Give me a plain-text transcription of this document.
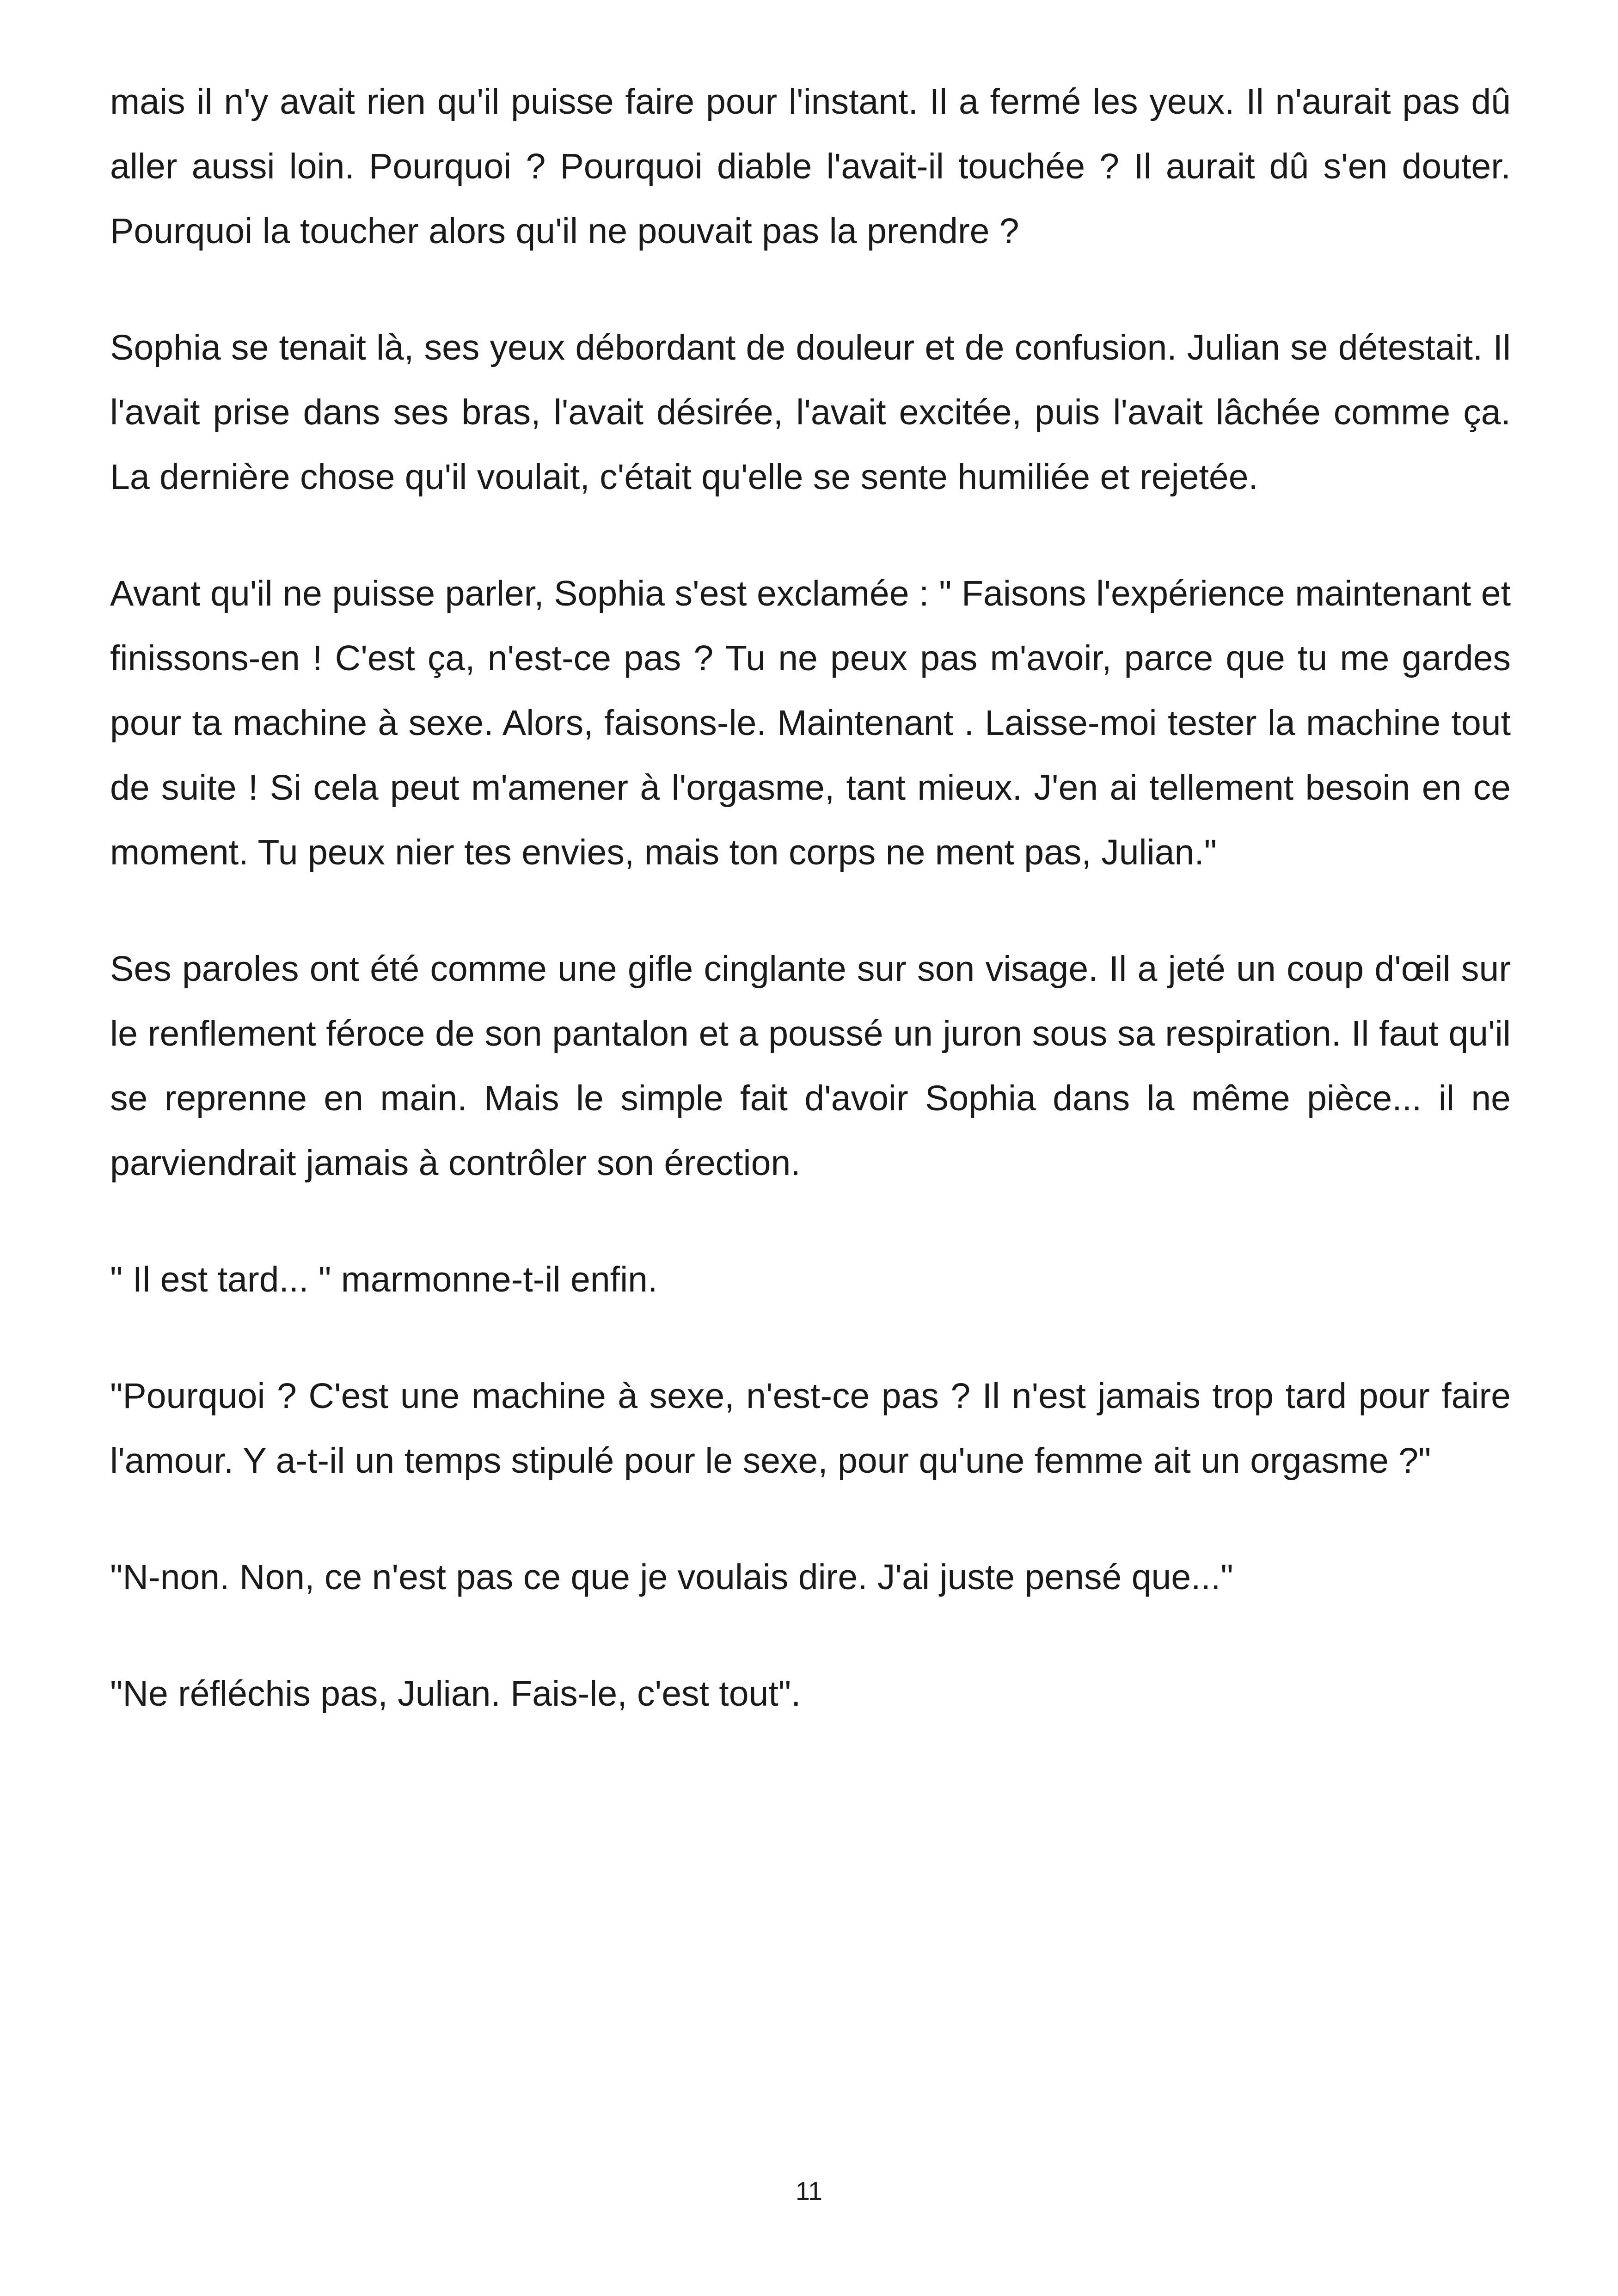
mais il n'y avait rien qu'il puisse faire pour l'instant. Il a fermé les yeux. Il n'aurait pas dû aller aussi loin. Pourquoi ? Pourquoi diable l'avait-il touchée ? Il aurait dû s'en douter. Pourquoi la toucher alors qu'il ne pouvait pas la prendre ?

Sophia se tenait là, ses yeux débordant de douleur et de confusion. Julian se détestait. Il l'avait prise dans ses bras, l'avait désirée, l'avait excitée, puis l'avait lâchée comme ça. La dernière chose qu'il voulait, c'était qu'elle se sente humiliée et rejetée.

Avant qu'il ne puisse parler, Sophia s'est exclamée : " Faisons l'expérience maintenant et finissons-en ! C'est ça, n'est-ce pas ? Tu ne peux pas m'avoir, parce que tu me gardes pour ta machine à sexe. Alors, faisons-le. Maintenant . Laisse-moi tester la machine tout de suite ! Si cela peut m'amener à l'orgasme, tant mieux. J'en ai tellement besoin en ce moment. Tu peux nier tes envies, mais ton corps ne ment pas, Julian."

Ses paroles ont été comme une gifle cinglante sur son visage. Il a jeté un coup d'œil sur le renflement féroce de son pantalon et a poussé un juron sous sa respiration. Il faut qu'il se reprenne en main. Mais le simple fait d'avoir Sophia dans la même pièce... il ne parviendrait jamais à contrôler son érection.

" Il est tard... " marmonne-t-il enfin.

"Pourquoi ? C'est une machine à sexe, n'est-ce pas ? Il n'est jamais trop tard pour faire l'amour. Y a-t-il un temps stipulé pour le sexe, pour qu'une femme ait un orgasme ?"

"N-non. Non, ce n'est pas ce que je voulais dire. J'ai juste pensé que..."

"Ne réfléchis pas, Julian. Fais-le, c'est tout".

11
